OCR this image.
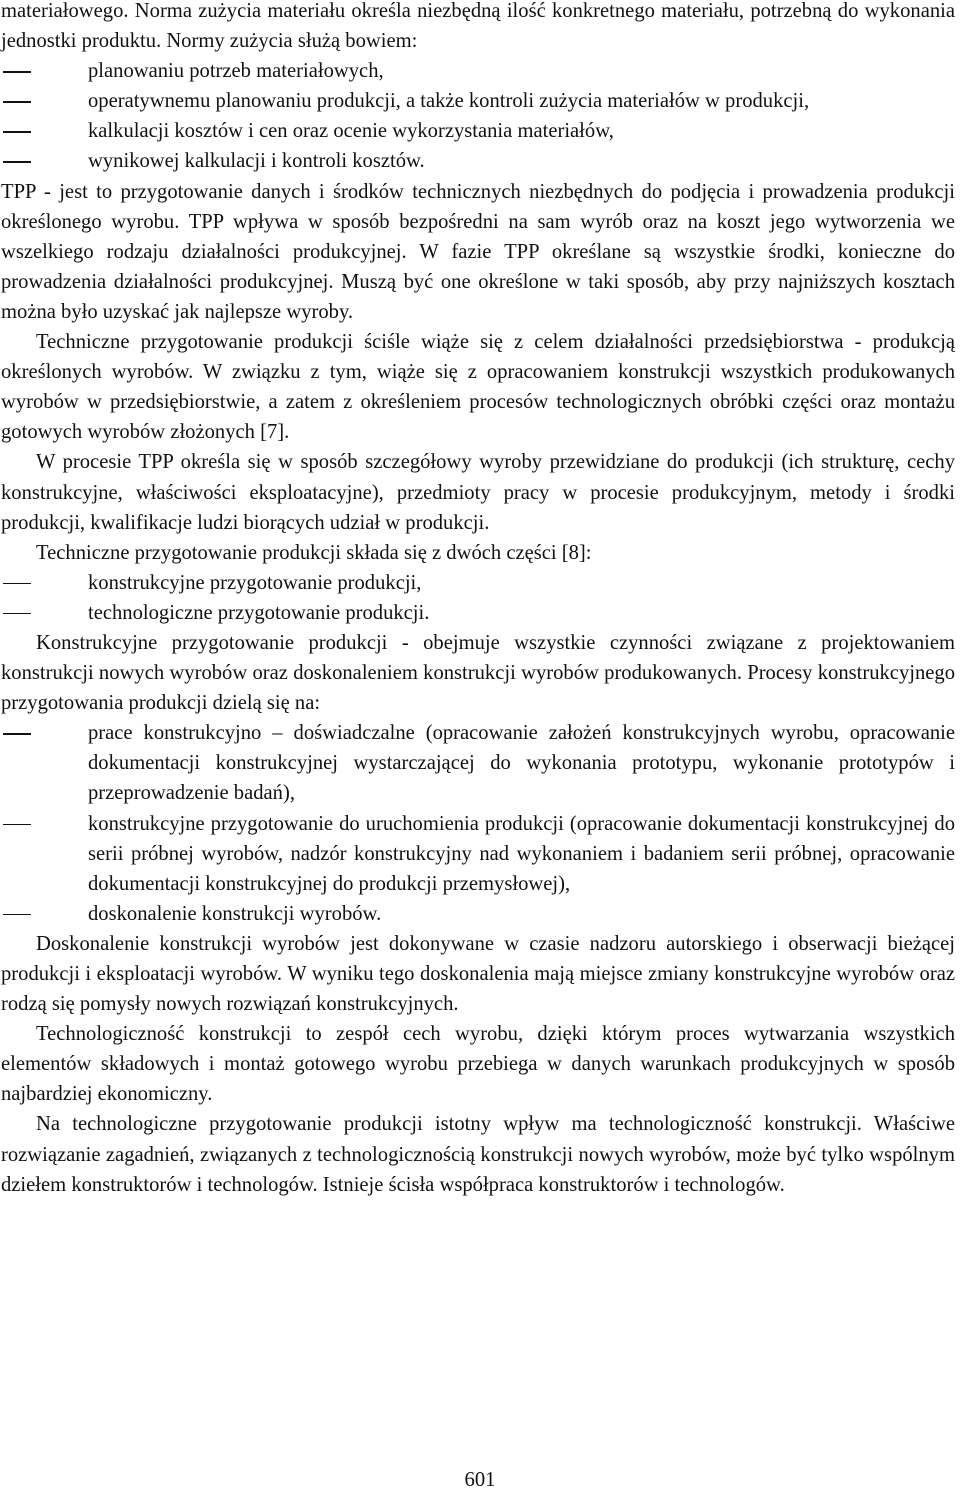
materiałowego. Norma zużycia materiału określa niezbędną ilość konkretnego materiału, potrzebną do wykonania jednostki produktu. Normy zużycia służą bowiem:

planowaniu potrzeb materiałowych,
operatywnemu planowaniu produkcji, a także kontroli zużycia materiałów w produkcji,
kalkulacji kosztów i cen oraz ocenie wykorzystania materiałów,
wynikowej kalkulacji i kontroli kosztów.

TPP - jest to przygotowanie danych i środków technicznych niezbędnych do podjęcia i prowadzenia produkcji określonego wyrobu. TPP wpływa w sposób bezpośredni na sam wyrób oraz na koszt jego wytworzenia we wszelkiego rodzaju działalności produkcyjnej. W fazie TPP określane są wszystkie środki, konieczne do prowadzenia działalności produkcyjnej. Muszą być one określone w taki sposób, aby przy najniższych kosztach można było uzyskać jak najlepsze wyroby.

Techniczne przygotowanie produkcji ściśle wiąże się z celem działalności przedsiębiorstwa - produkcją określonych wyrobów. W związku z tym, wiąże się z opracowaniem konstrukcji wszystkich produkowanych wyrobów w przedsiębiorstwie, a zatem z określeniem procesów technologicznych obróbki części oraz montażu gotowych wyrobów złożonych [7].

W procesie TPP określa się w sposób szczegółowy wyroby przewidziane do produkcji (ich strukturę, cechy konstrukcyjne, właściwości eksploatacyjne), przedmioty pracy w procesie produkcyjnym, metody i środki produkcji, kwalifikacje ludzi biorących udział w produkcji.

Techniczne przygotowanie produkcji składa się z dwóch części [8]:

konstrukcyjne przygotowanie produkcji,
technologiczne przygotowanie produkcji.

Konstrukcyjne przygotowanie produkcji - obejmuje wszystkie czynności związane z projektowaniem konstrukcji nowych wyrobów oraz doskonaleniem konstrukcji wyrobów produkowanych. Procesy konstrukcyjnego przygotowania produkcji dzielą się na:

prace konstrukcyjno – doświadczalne (opracowanie założeń konstrukcyjnych wyrobu, opracowanie dokumentacji konstrukcyjnej wystarczającej do wykonania prototypu, wykonanie prototypów i przeprowadzenie badań),
konstrukcyjne przygotowanie do uruchomienia produkcji (opracowanie dokumentacji konstrukcyjnej do serii próbnej wyrobów, nadzór konstrukcyjny nad wykonaniem i badaniem serii próbnej, opracowanie dokumentacji konstrukcyjnej do produkcji przemysłowej),
doskonalenie konstrukcji wyrobów.

Doskonalenie konstrukcji wyrobów jest dokonywane w czasie nadzoru autorskiego i obserwacji bieżącej produkcji i eksploatacji wyrobów. W wyniku tego doskonalenia mają miejsce zmiany konstrukcyjne wyrobów oraz rodzą się pomysły nowych rozwiązań konstrukcyjnych.

Technologiczność konstrukcji to zespół cech wyrobu, dzięki którym proces wytwarzania wszystkich elementów składowych i montaż gotowego wyrobu przebiega w danych warunkach produkcyjnych w sposób najbardziej ekonomiczny.

Na technologiczne przygotowanie produkcji istotny wpływ ma technologiczność konstrukcji. Właściwe rozwiązanie zagadnień, związanych z technologicznością konstrukcji nowych wyrobów, może być tylko wspólnym dziełem konstruktorów i technologów. Istnieje ścisła współpraca konstruktorów i technologów.

601
